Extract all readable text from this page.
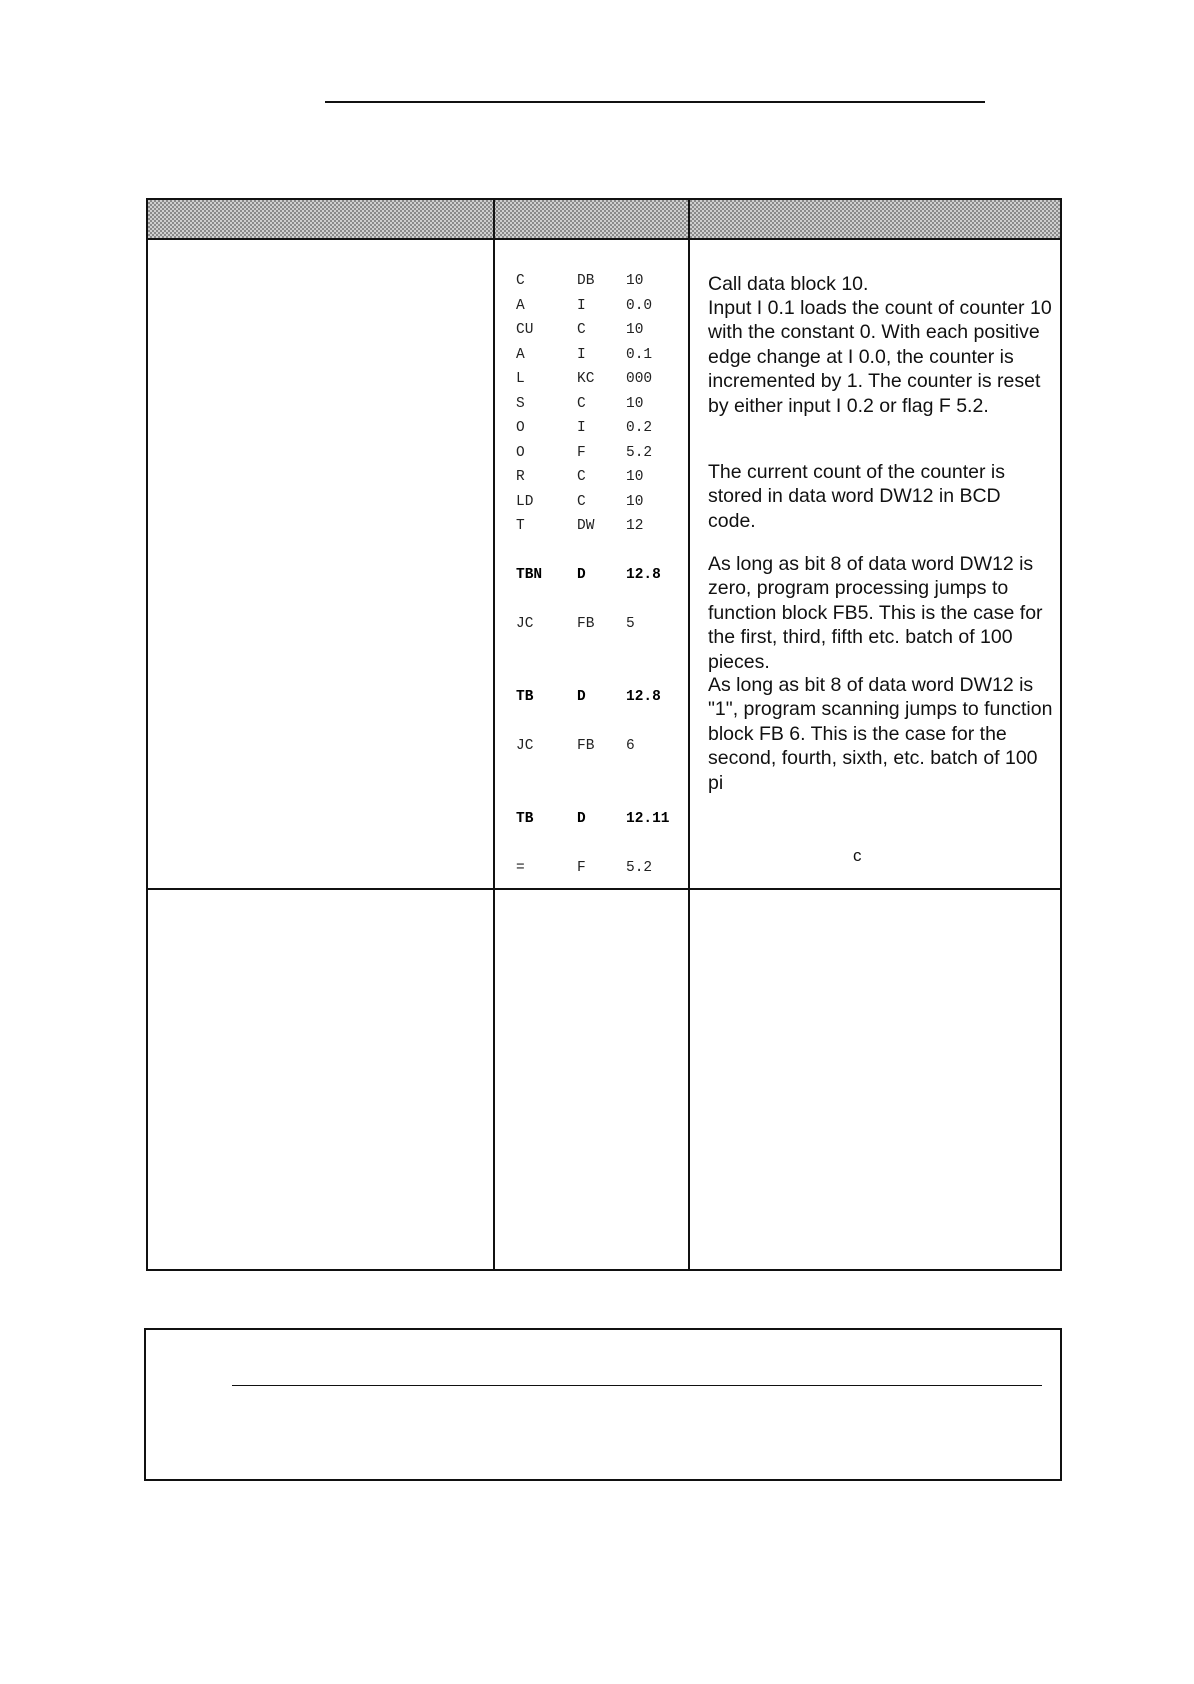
C	DB 10
A	I	0.0
CU	C	10
A	I	0.1
L	KC 000
S	C	10
O	I	0.2
O	F	5.2
R	C	10
LD	C	10
T	DW 12
TBN D	12.8
JC	FB 5
TB	D	12.8
JC	FB 6
TB	D	12.11
=	F	5.2
Call data block 10.
Input I 0.1 loads the count of counter 10 with the constant 0. With each positive edge change at I 0.0, the counter is incremented by 1. The counter is reset by either input I 0.2 or flag F 5.2.
The current count of the counter is stored in data word DW12 in BCD code.
As long as bit 8 of data word DW12 is zero, program processing jumps to function block FB5. This is the case for the first, third, fifth etc. batch of 100 pieces.
As long as bit 8 of data word DW12 is "1", program scanning jumps to function block FB 6. This is the case for the second, fourth, sixth, etc. batch of 100 pi
c
